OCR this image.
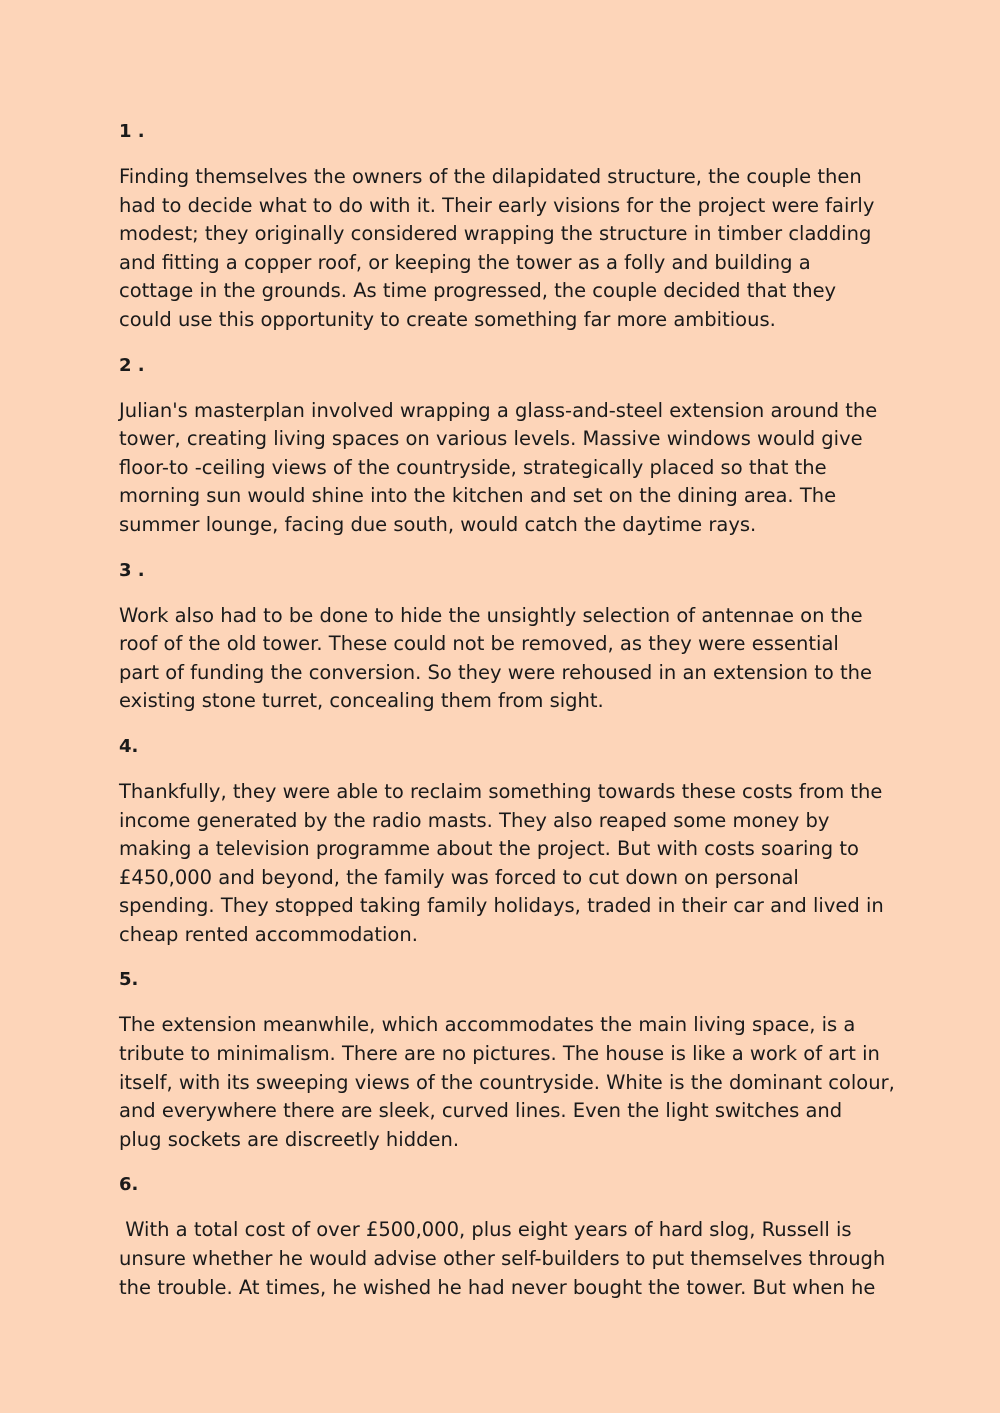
1 .
Finding themselves the owners of the dilapidated structure, the couple then
had to decide what to do with it. Their early visions for the project were fairly
modest; they originally considered wrapping the structure in timber cladding
and fitting a copper roof, or keeping the tower as a folly and building a
cottage in the grounds. As time progressed, the couple decided that they
could use this opportunity to create something far more ambitious.
2 .
Julian's masterplan involved wrapping a glass-and-steel extension around the
tower, creating living spaces on various levels. Massive windows would give
floor-to -ceiling views of the countryside, strategically placed so that the
morning sun would shine into the kitchen and set on the dining area. The
summer lounge, facing due south, would catch the daytime rays.
3 .
Work also had to be done to hide the unsightly selection of antennae on the
roof of the old tower. These could not be removed, as they were essential
part of funding the conversion. So they were rehoused in an extension to the
existing stone turret, concealing them from sight.
4.
Thankfully, they were able to reclaim something towards these costs from the
income generated by the radio masts. They also reaped some money by
making a television programme about the project. But with costs soaring to
£450,000 and beyond, the family was forced to cut down on personal
spending. They stopped taking family holidays, traded in their car and lived in
cheap rented accommodation.
5.
The extension meanwhile, which accommodates the main living space, is a
tribute to minimalism. There are no pictures. The house is like a work of art in
itself, with its sweeping views of the countryside. White is the dominant colour,
and everywhere there are sleek, curved lines. Even the light switches and
plug sockets are discreetly hidden.
6.
With a total cost of over £500,000, plus eight years of hard slog, Russell is
unsure whether he would advise other self-builders to put themselves through
the trouble. At times, he wished he had never bought the tower. But when he
